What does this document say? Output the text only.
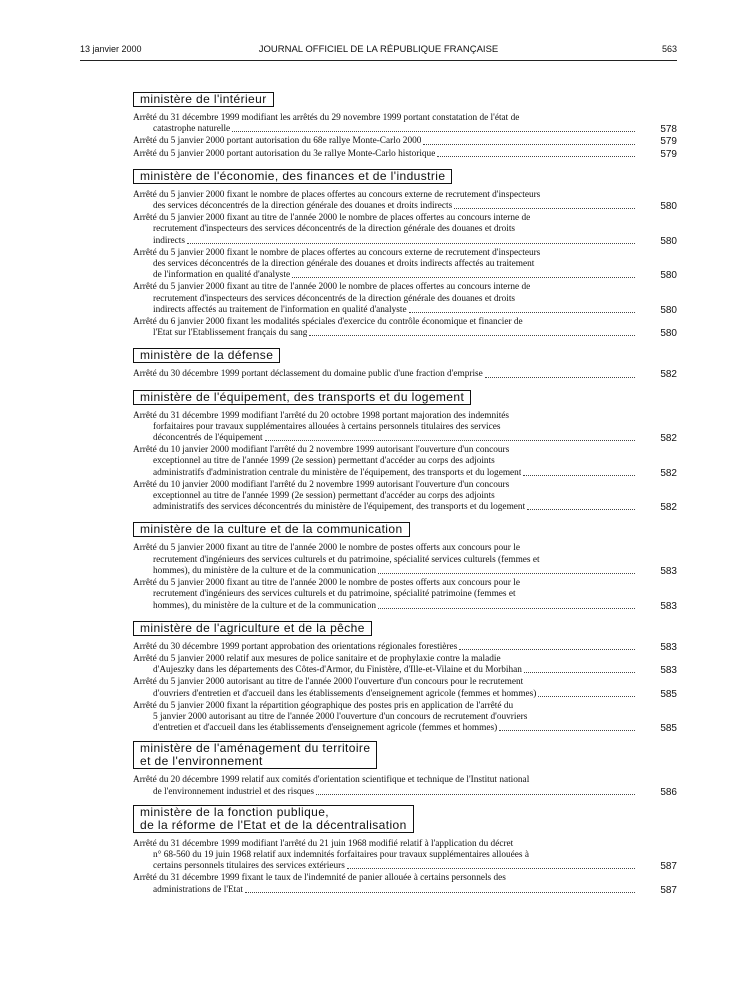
13 janvier 2000	JOURNAL OFFICIEL DE LA RÉPUBLIQUE FRANÇAISE	563
ministère de l'intérieur
Arrêté du 31 décembre 1999 modifiant les arrêtés du 29 novembre 1999 portant constatation de l'état de
catastrophe naturelle	578
Arrêté du 5 janvier 2000 portant autorisation du 68e rallye Monte-Carlo 2000	579
Arrêté du 5 janvier 2000 portant autorisation du 3e rallye Monte-Carlo historique	579
ministère de l'économie, des finances et de l'industrie
Arrêté du 5 janvier 2000 fixant le nombre de places offertes au concours externe de recrutement d'inspecteurs
des services déconcentrés de la direction générale des douanes et droits indirects	580
Arrêté du 5 janvier 2000 fixant au titre de l'année 2000 le nombre de places offertes au concours interne de
recrutement d'inspecteurs des services déconcentrés de la direction générale des douanes et droits
indirects	580
Arrêté du 5 janvier 2000 fixant le nombre de places offertes au concours externe de recrutement d'inspecteurs
des services déconcentrés de la direction générale des douanes et droits indirects affectés au traitement
de l'information en qualité d'analyste	580
Arrêté du 5 janvier 2000 fixant au titre de l'année 2000 le nombre de places offertes au concours interne de
recrutement d'inspecteurs des services déconcentrés de la direction générale des douanes et droits
indirects affectés au traitement de l'information en qualité d'analyste	580
Arrêté du 6 janvier 2000 fixant les modalités spéciales d'exercice du contrôle économique et financier de
l'Etat sur l'Etablissement français du sang	580
ministère de la défense
Arrêté du 30 décembre 1999 portant déclassement du domaine public d'une fraction d'emprise	582
ministère de l'équipement, des transports et du logement
Arrêté du 31 décembre 1999 modifiant l'arrêté du 20 octobre 1998 portant majoration des indemnités
forfaitaires pour travaux supplémentaires allouées à certains personnels titulaires des services
déconcentrés de l'équipement	582
Arrêté du 10 janvier 2000 modifiant l'arrêté du 2 novembre 1999 autorisant l'ouverture d'un concours
exceptionnel au titre de l'année 1999 (2e session) permettant d'accéder au corps des adjoints
administratifs d'administration centrale du ministère de l'équipement, des transports et du logement	582
Arrêté du 10 janvier 2000 modifiant l'arrêté du 2 novembre 1999 autorisant l'ouverture d'un concours
exceptionnel au titre de l'année 1999 (2e session) permettant d'accéder au corps des adjoints
administratifs des services déconcentrés du ministère de l'équipement, des transports et du logement	582
ministère de la culture et de la communication
Arrêté du 5 janvier 2000 fixant au titre de l'année 2000 le nombre de postes offerts aux concours pour le
recrutement d'ingénieurs des services culturels et du patrimoine, spécialité services culturels (femmes et
hommes), du ministère de la culture et de la communication	583
Arrêté du 5 janvier 2000 fixant au titre de l'année 2000 le nombre de postes offerts aux concours pour le
recrutement d'ingénieurs des services culturels et du patrimoine, spécialité patrimoine (femmes et
hommes), du ministère de la culture et de la communication	583
ministère de l'agriculture et de la pêche
Arrêté du 30 décembre 1999 portant approbation des orientations régionales forestières	583
Arrêté du 5 janvier 2000 relatif aux mesures de police sanitaire et de prophylaxie contre la maladie
d'Aujeszky dans les départements des Côtes-d'Armor, du Finistère, d'Ille-et-Vilaine et du Morbihan	583
Arrêté du 5 janvier 2000 autorisant au titre de l'année 2000 l'ouverture d'un concours pour le recrutement
d'ouvriers d'entretien et d'accueil dans les établissements d'enseignement agricole (femmes et hommes)	585
Arrêté du 5 janvier 2000 fixant la répartition géographique des postes pris en application de l'arrêté du
5 janvier 2000 autorisant au titre de l'année 2000 l'ouverture d'un concours de recrutement d'ouvriers
d'entretien et d'accueil dans les établissements d'enseignement agricole (femmes et hommes)	585
ministère de l'aménagement du territoire
et de l'environnement
Arrêté du 20 décembre 1999 relatif aux comités d'orientation scientifique et technique de l'Institut national
de l'environnement industriel et des risques	586
ministère de la fonction publique,
de la réforme de l'Etat et de la décentralisation
Arrêté du 31 décembre 1999 modifiant l'arrêté du 21 juin 1968 modifié relatif à l'application du décret
n° 68-560 du 19 juin 1968 relatif aux indemnités forfaitaires pour travaux supplémentaires allouées à
certains personnels titulaires des services extérieurs	587
Arrêté du 31 décembre 1999 fixant le taux de l'indemnité de panier allouée à certains personnels des
administrations de l'Etat	587
